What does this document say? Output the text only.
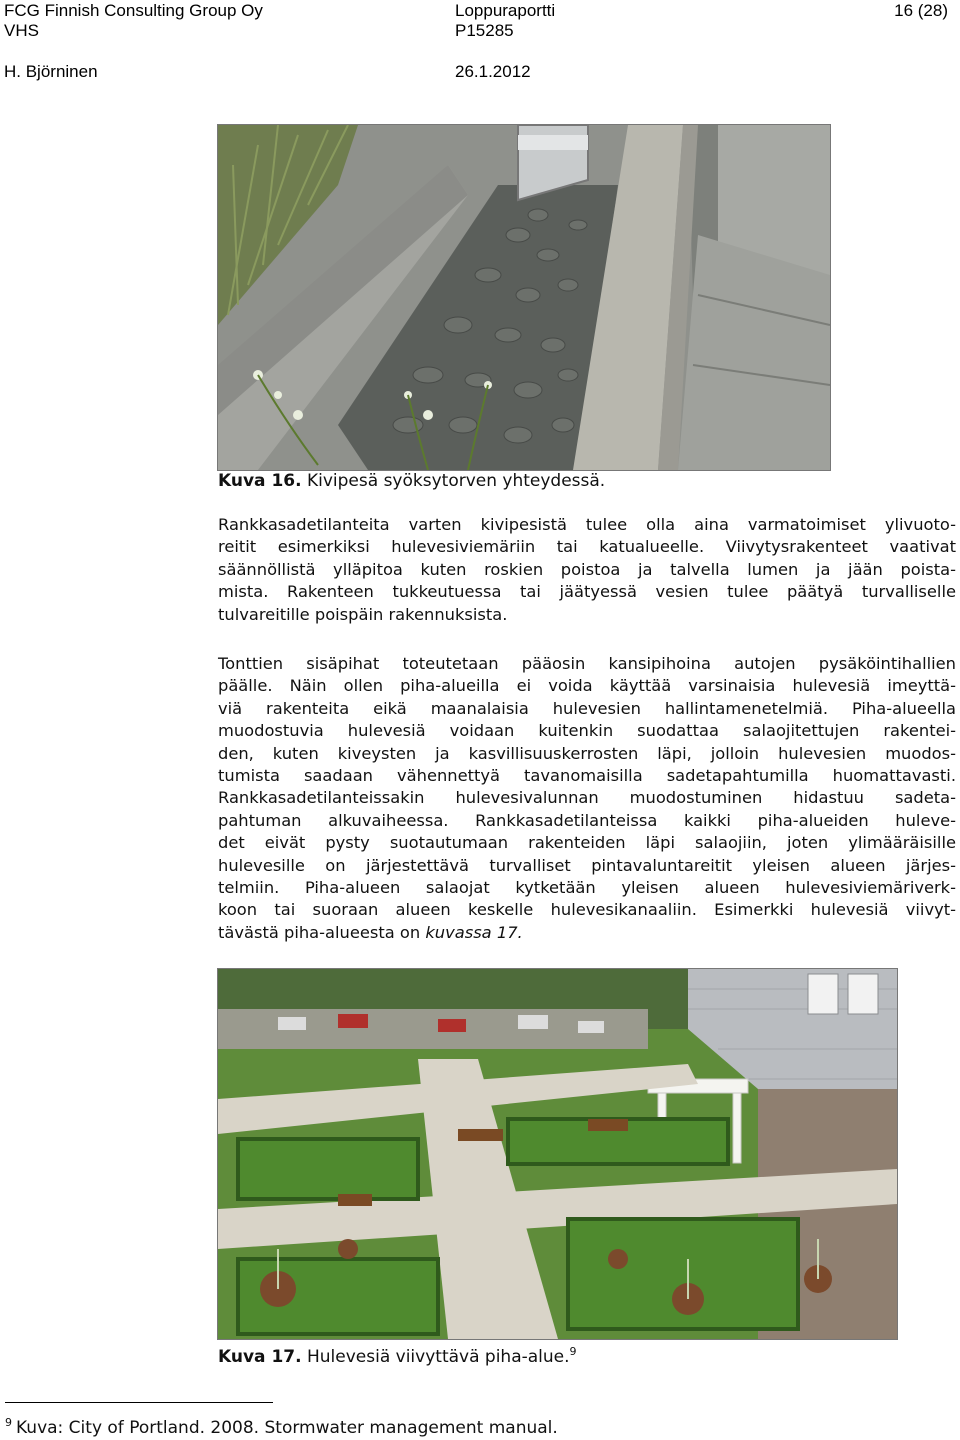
FCG Finnish Consulting Group Oy
VHS
H. Björninen
Loppuraportti
P15285
26.1.2012
16 (28)
Kuva 16. Kivipesä syöksytorven yhteydessä.
Rankkasadetilanteita varten kivipesistä tulee olla aina varmatoimiset ylivuoto-
reitit esimerkiksi hulevesiviemäriin tai katualueelle. Viivytysrakenteet vaativat
säännöllistä ylläpitoa kuten roskien poistoa ja talvella lumen ja jään poista-
mista. Rakenteen tukkeutuessa tai jäätyessä vesien tulee päätyä turvalliselle
tulvareitille poispäin rakennuksista.
Tonttien sisäpihat toteutetaan pääosin kansipihoina autojen pysäköintihallien
päälle. Näin ollen piha-alueilla ei voida käyttää varsinaisia hulevesiä imeyttä-
viä rakenteita eikä maanalaisia hulevesien hallintamenetelmiä. Piha-alueella
muodostuvia hulevesiä voidaan kuitenkin suodattaa salaojitettujen rakentei-
den, kuten kiveysten ja kasvillisuuskerrosten läpi, jolloin hulevesien muodos-
tumista saadaan vähennettyä tavanomaisilla sadetapahtumilla huomattavasti.
Rankkasadetilanteissakin hulevesivalunnan muodostuminen hidastuu sadeta-
pahtuman alkuvaiheessa. Rankkasadetilanteissa kaikki piha-alueiden huleve-
det eivät pysty suotautumaan rakenteiden läpi salaojiin, joten ylimääräisille
hulevesille on järjestettävä turvalliset pintavaluntareitit yleisen alueen järjes-
telmiin. Piha-alueen salaojat kytketään yleisen alueen hulevesiviemäriverk-
koon tai suoraan alueen keskelle hulevesikanaaliin. Esimerkki hulevesiä viivyt-
tävästä piha-alueesta on kuvassa 17.
Kuva 17. Hulevesiä viivyttävä piha-alue.$^9$
$^9$ Kuva: City of Portland. 2008. Stormwater management manual.
